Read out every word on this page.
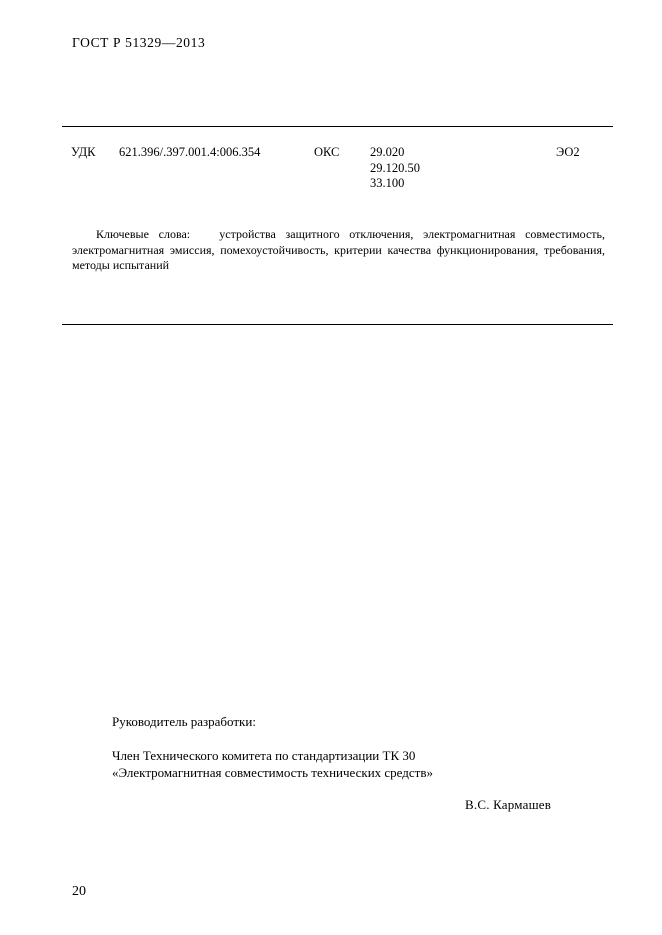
ГОСТ Р 51329—2013
УДК 621.396/.397.001.4:006.354	ОКС 29.020
29.120.50
33.100
ЭО2
Ключевые слова: устройства защитного отключения, электромагнитная совместимость, электромагнитная эмиссия, помехоустойчивость, критерии качества функционирования, требования, методы испытаний
Руководитель разработки:
Член Технического комитета по стандартизации ТК 30
«Электромагнитная совместимость технических средств»
В.С. Кармашев
20
